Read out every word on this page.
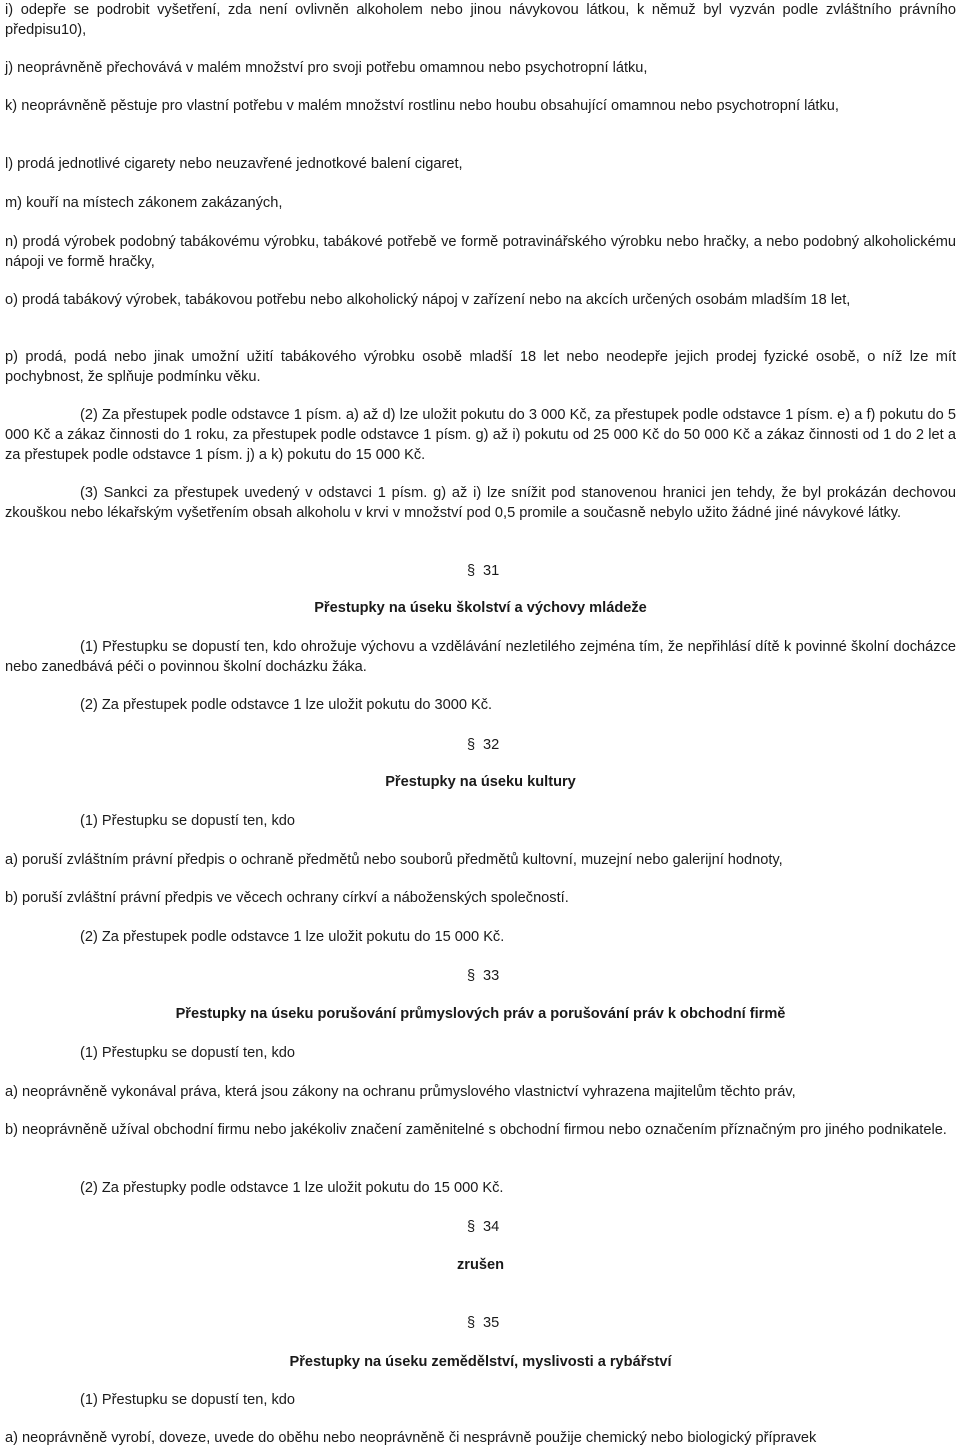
i) odepře se podrobit vyšetření, zda není ovlivněn alkoholem nebo jinou návykovou látkou, k němuž byl vyzván podle zvláštního právního předpisu10),

j) neoprávněně přechovává v malém množství pro svoji potřebu omamnou nebo psychotropní látku,

k) neoprávněně pěstuje pro vlastní potřebu v malém množství rostlinu nebo houbu obsahující omamnou nebo psychotropní látku,

l) prodá jednotlivé cigarety nebo neuzavřené jednotkové balení cigaret,

m) kouří na místech zákonem zakázaných,

n) prodá výrobek podobný tabákovému výrobku, tabákové potřebě ve formě potravinářského výrobku nebo hračky, a nebo podobný alkoholickému nápoji ve formě hračky,

o) prodá tabákový výrobek, tabákovou potřebu nebo alkoholický nápoj v zařízení nebo na akcích určených osobám mladším 18 let,

p) prodá, podá nebo jinak umožní užití tabákového výrobku osobě mladší 18 let nebo neodepře jejich prodej fyzické osobě, o níž lze mít pochybnost, že splňuje podmínku věku.

(2) Za přestupek podle odstavce 1 písm. a) až d) lze uložit pokutu do 3 000 Kč, za přestupek podle odstavce 1 písm. e) a f) pokutu do 5 000 Kč a zákaz činnosti do 1 roku, za přestupek podle odstavce 1 písm. g) až i) pokutu od 25 000 Kč do 50 000 Kč a zákaz činnosti od 1 do 2 let a za přestupek podle odstavce 1 písm. j) a k) pokutu do 15 000 Kč.

(3) Sankci za přestupek uvedený v odstavci 1 písm. g) až i) lze snížit pod stanovenou hranici jen tehdy, že byl prokázán dechovou zkouškou nebo lékařským vyšetřením obsah alkoholu v krvi v množství pod 0,5 promile a současně nebylo užito žádné jiné návykové látky.

§ 31
Přestupky na úseku školství a výchovy mládeže

(1) Přestupku se dopustí ten, kdo ohrožuje výchovu a vzdělávání nezletilého zejména tím, že nepřihlásí dítě k povinné školní docházce nebo zanedbává péči o povinnou školní docházku žáka.

(2) Za přestupek podle odstavce 1 lze uložit pokutu do 3000 Kč.

§ 32
Přestupky na úseku kultury

(1) Přestupku se dopustí ten, kdo

a) poruší zvláštním právní předpis o ochraně předmětů nebo souborů předmětů kultovní, muzejní nebo galerijní hodnoty,

b) poruší zvláštní právní předpis ve věcech ochrany církví a náboženských společností.

(2) Za přestupek podle odstavce 1 lze uložit pokutu do 15 000 Kč.

§ 33
Přestupky na úseku porušování průmyslových práv a porušování práv k obchodní firmě

(1) Přestupku se dopustí ten, kdo

a) neoprávněně vykonával práva, která jsou zákony na ochranu průmyslového vlastnictví vyhrazena majitelům těchto práv,

b) neoprávněně užíval obchodní firmu nebo jakékoliv značení zaměnitelné s obchodní firmou nebo označením příznačným pro jiného podnikatele.

(2) Za přestupky podle odstavce 1 lze uložit pokutu do 15 000 Kč.

§ 34
zrušen
§ 35
Přestupky na úseku zemědělství, myslivosti a rybářství

(1) Přestupku se dopustí ten, kdo

a) neoprávněně vyrobí, doveze, uvede do oběhu nebo neoprávněně či nesprávně použije chemický nebo biologický přípravek
